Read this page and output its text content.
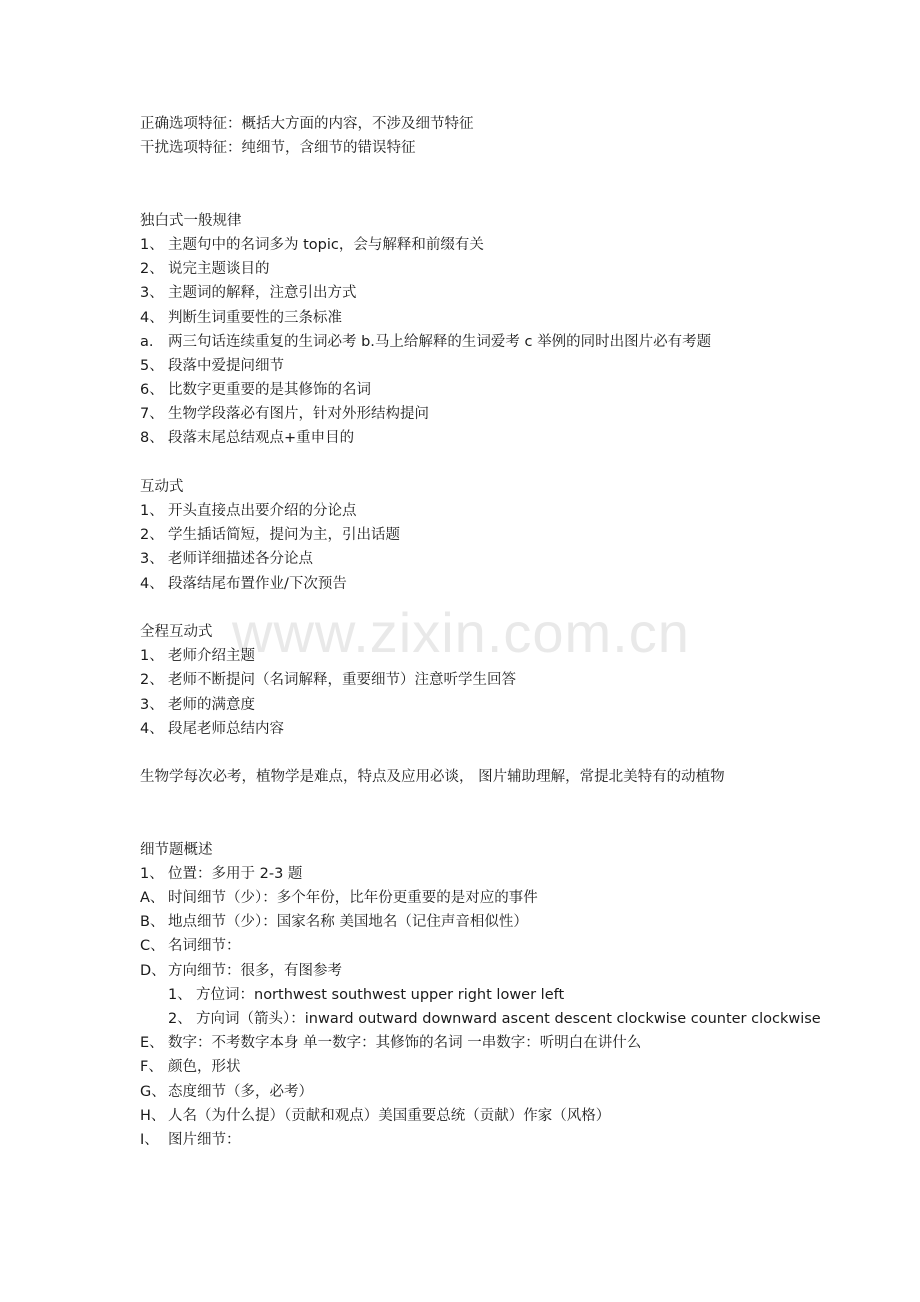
www.zixin.com.cn
正确选项特征：概括大方面的内容，不涉及细节特征
干扰选项特征：纯细节，含细节的错误特征
独白式一般规律
1、 主题句中的名词多为 topic，会与解释和前缀有关
2、 说完主题谈目的
3、 主题词的解释，注意引出方式
4、 判断生词重要性的三条标准
a.	两三句话连续重复的生词必考 b.马上给解释的生词爱考 c 举例的同时出图片必有考题
5、 段落中爱提问细节
6、 比数字更重要的是其修饰的名词
7、 生物学段落必有图片，针对外形结构提问
8、 段落末尾总结观点+重申目的
互动式
1、 开头直接点出要介绍的分论点
2、 学生插话简短，提问为主，引出话题
3、 老师详细描述各分论点
4、 段落结尾布置作业/下次预告
全程互动式
1、 老师介绍主题
2、 老师不断提问（名词解释，重要细节）注意听学生回答
3、 老师的满意度
4、 段尾老师总结内容
生物学每次必考，植物学是难点，特点及应用必谈， 图片辅助理解，常提北美特有的动植物
细节题概述
1、 位置：多用于 2-3 题
A、 时间细节（少）：多个年份，比年份更重要的是对应的事件
B、 地点细节（少）：国家名称 美国地名（记住声音相似性）
C、 名词细节：
D、 方向细节：很多，有图参考
1、 方位词：northwest southwest upper right lower left
2、 方向词（箭头）：inward outward downward ascent descent clockwise counter clockwise
E、 数字：不考数字本身 单一数字：其修饰的名词 一串数字：听明白在讲什么
F、 颜色，形状
G、 态度细节（多，必考）
H、 人名（为什么提）（贡献和观点）美国重要总统（贡献）作家（风格）
I、 图片细节：
